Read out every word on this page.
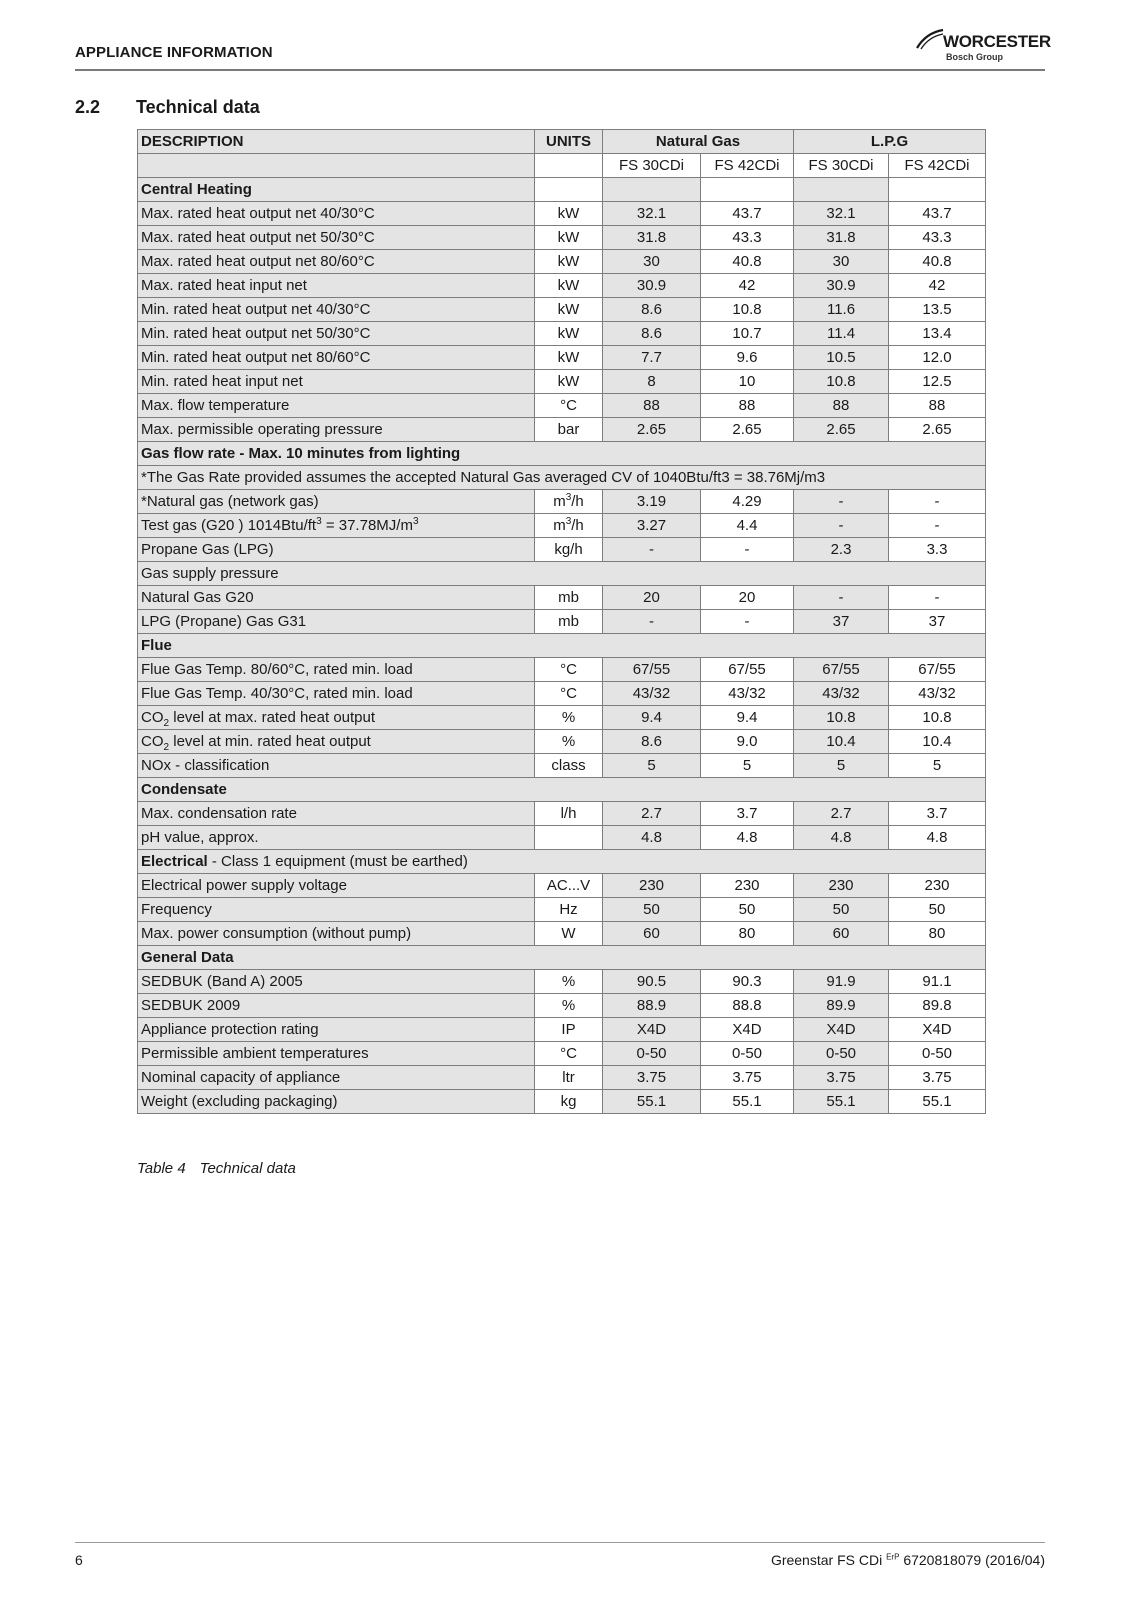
APPLIANCE INFORMATION
WORCESTER
Bosch Group
2.2 Technical data
DESCRIPTION	UNITS	Natural Gas		L.P.G	
		FS 30CDi	FS 42CDi	FS 30CDi	FS 42CDi
Central Heating					
Max. rated heat output net 40/30°C	kW	32.1	43.7	32.1	43.7
Max. rated heat output net 50/30°C	kW	31.8	43.3	31.8	43.3
Max. rated heat output net 80/60°C	kW	30	40.8	30	40.8
Max. rated heat input net	kW	30.9	42	30.9	42
Min. rated heat output net 40/30°C	kW	8.6	10.8	11.6	13.5
Min. rated heat output net 50/30°C	kW	8.6	10.7	11.4	13.4
Min. rated heat output net 80/60°C	kW	7.7	9.6	10.5	12.0
Min. rated heat input net	kW	8	10	10.8	12.5
Max. flow temperature	°C	88	88	88	88
Max. permissible operating pressure	bar	2.65	2.65	2.65	2.65
Gas flow rate - Max. 10 minutes from lighting					
*The Gas Rate provided assumes the accepted Natural Gas averaged CV of 1040Btu/ft3 = 38.76Mj/m3					
*Natural gas (network gas)	$m^3/h$	3.19	4.29	-	-
Test gas (G20 ) $1014Btu/ft^3 = 37.78MJ/m^3$	$m^3/h$	3.27	4.4	-	-
Propane Gas (LPG)	kg/h	-	-	2.3	3.3
Gas supply pressure					
Natural Gas G20	mb	20	20	-	-
LPG (Propane) Gas G31	mb	-	-	37	37
Flue					
Flue Gas Temp. 80/60°C, rated min. load	°C	67/55	67/55	67/55	67/55
Flue Gas Temp. 40/30°C, rated min. load	°C	43/32	43/32	43/32	43/32
$CO_2$ level at max. rated heat output	%	9.4	9.4	10.8	10.8
$CO_2$ level at min. rated heat output	%	8.6	9.0	10.4	10.4
NOx - classification	class	5	5	5	5
Condensate					
Max. condensation rate	l/h	2.7	3.7	2.7	3.7
pH value, approx.		4.8	4.8	4.8	4.8
Electrical - Class 1 equipment (must be earthed)					
Electrical power supply voltage	AC...V	230	230	230	230
Frequency	Hz	50	50	50	50
Max. power consumption (without pump)	W	60	80	60	80
General Data					
SEDBUK (Band A) 2005	%	90.5	90.3	91.9	91.1
SEDBUK 2009	%	88.9	88.8	89.9	89.8
Appliance protection rating	IP	X4D	X4D	X4D	X4D
Permissible ambient temperatures	°C	0-50	0-50	0-50	0-50
Nominal capacity of appliance	ltr	3.75	3.75	3.75	3.75
Weight (excluding packaging)	kg	55.1	55.1	55.1	55.1
Table 4 Technical data
6	Greenstar FS CDi $^{ErP}$ 6720818079 (2016/04)
